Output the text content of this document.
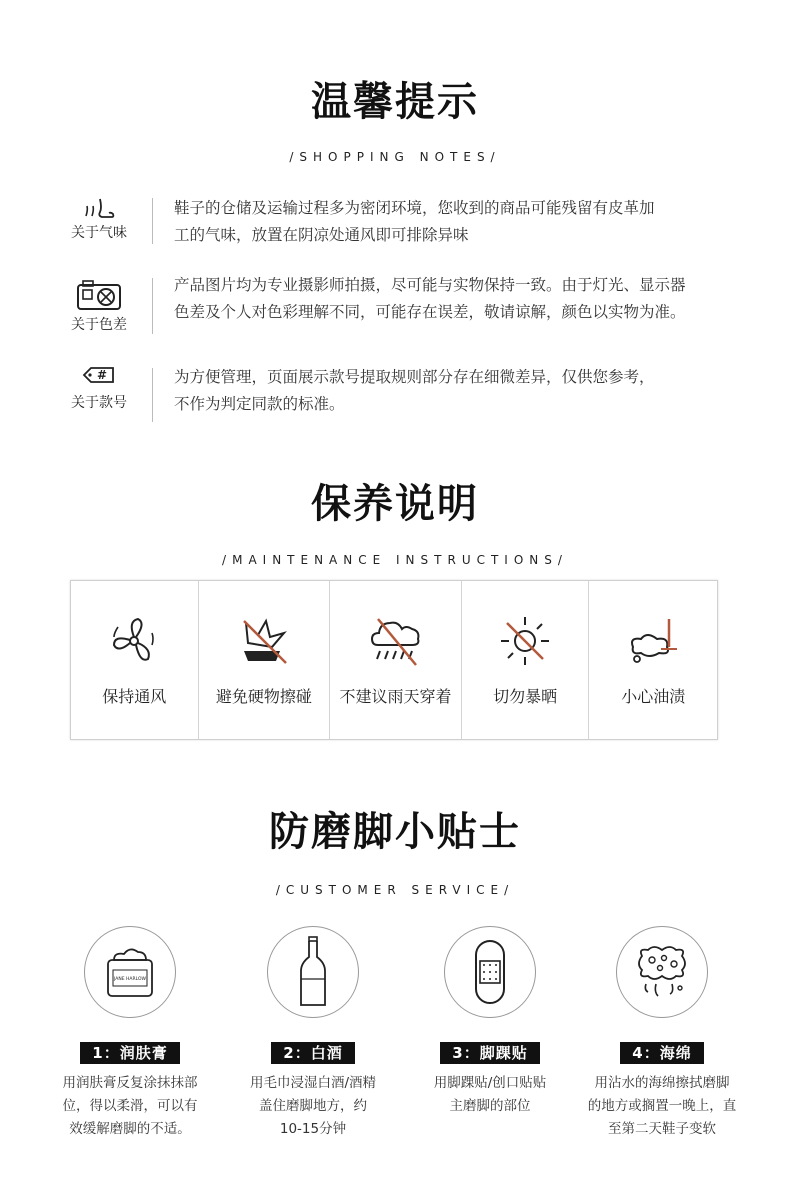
温馨提示
/SHOPPING NOTES/
关于气味
鞋子的仓储及运输过程多为密闭环境，您收到的商品可能残留有皮革加
工的气味，放置在阴凉处通风即可排除异味
关于色差
产品图片均为专业摄影师拍摄，尽可能与实物保持一致。由于灯光、显示器
色差及个人对色彩理解不同，可能存在误差，敬请谅解，颜色以实物为准。
#
关于款号
为方便管理，页面展示款号提取规则部分存在细微差异，仅供您参考，
不作为判定同款的标准。
保养说明
/MAINTENANCE INSTRUCTIONS/
保持通风	避免硬物擦碰	不建议雨天穿着	切勿暴晒	小心油渍
防磨脚小贴士
/CUSTOMER SERVICE/
JANE HARLOW
1：润肤膏
用润肤膏反复涂抹抹部
位，得以柔滑，可以有
效缓解磨脚的不适。
2：白酒
用毛巾浸湿白酒/酒精
盖住磨脚地方，约
10-15分钟
3：脚踝贴
用脚踝贴/创口贴贴
主磨脚的部位
4：海绵
用沾水的海绵擦拭磨脚
的地方或搁置一晚上，直
至第二天鞋子变软
